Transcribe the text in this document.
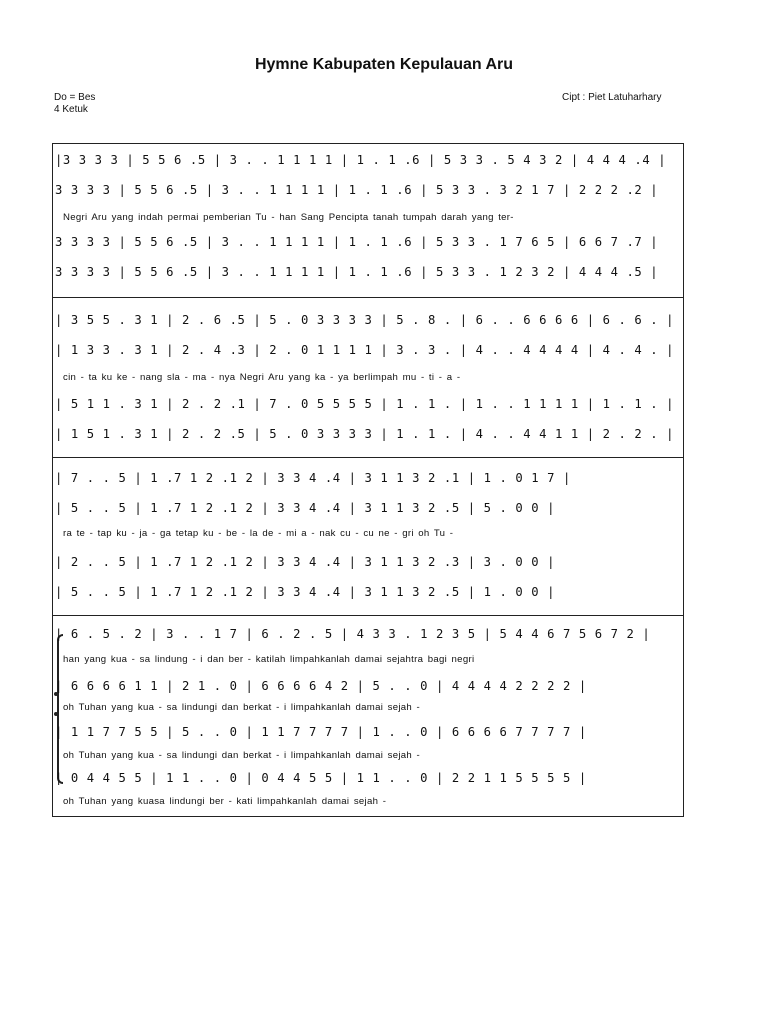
Hymne Kabupaten Kepulauan Aru
Do = Bes
4 Ketuk
Cipt : Piet Latuharhary
|3 3 3 3 | 5 5 6 .5 | 3 . . 1 1 1 1 | 1 . 1 .6 | 5 3 3 . 5 4 3 2 | 4 4 4 .4 |
3 3 3 3 | 5 5 6 .5 | 3 . . 1 1 1 1 | 1 . 1 .6 | 5 3 3 . 3 2 1 7 | 2 2 2 .2 |
Negri Aru yang indah permai pemberian Tu - han Sang Pencipta tanah tumpah darah yang ter-
3 3 3 3 | 5 5 6 .5 | 3 . . 1 1 1 1 | 1 . 1 .6 | 5 3 3 . 1 7 6 5 | 6 6 7 .7 |
3 3 3 3 | 5 5 6 .5 | 3 . . 1 1 1 1 | 1 . 1 .6 | 5 3 3 . 1 2 3 2 | 4 4 4 .5 |
| 3 5 5 . 3 1 | 2 . 6 .5 | 5 . 0 3 3 3 3 | 5 . 8 . | 6 . . 6 6 6 6 | 6 . 6 . |
| 1 3 3 . 3 1 | 2 . 4 .3 | 2 . 0 1 1 1 1 | 3 . 3 . | 4 . . 4 4 4 4 | 4 . 4 . |
cin - ta ku ke - nang sla - ma - nya Negri Aru yang ka - ya berlimpah mu - ti - a -
| 5 1 1 . 3 1 | 2 . 2 .1 | 7 . 0 5 5 5 5 | 1 . 1 . | 1 . . 1 1 1 1 | 1 . 1 . |
| 1 5 1 . 3 1 | 2 . 2 .5 | 5 . 0 3 3 3 3 | 1 . 1 . | 4 . . 4 4 1 1 | 2 . 2 . |
| 7 . . 5 | 1 .7 1 2 .1 2 | 3 3 4 .4 | 3 1 1 3 2 .1 | 1 . 0 1 7 |
| 5 . . 5 | 1 .7 1 2 .1 2 | 3 3 4 .4 | 3 1 1 3 2 .5 | 5 . 0 0 |
ra te - tap ku - ja - ga tetap ku - be - la de - mi a - nak cu - cu ne - gri oh Tu -
| 2 . . 5 | 1 .7 1 2 .1 2 | 3 3 4 .4 | 3 1 1 3 2 .3 | 3 . 0 0 |
| 5 . . 5 | 1 .7 1 2 .1 2 | 3 3 4 .4 | 3 1 1 3 2 .5 | 1 . 0 0 |
| 6 . 5 . 2 | 3 . . 1 7 | 6 . 2 . 5 | 4 3 3 . 1 2 3 5 | 5 4 4 6 7 5 6 7 2 |
han yang kua - sa lindung - i dan ber - katilah limpahkanlah damai sejahtra bagi negri
| 6 6 6 6 1 1 | 2 1 . 0 | 6 6 6 6 4 2 | 5 . . 0 | 4 4 4 4 2 2 2 2 |
oh Tuhan yang kua - sa lindungi dan berkat - i limpahkanlah damai sejah -
| 1 1 7 7 5 5 | 5 . . 0 | 1 1 7 7 7 7 | 1 . . 0 | 6 6 6 6 7 7 7 7 |
oh Tuhan yang kua - sa lindungi dan berkat - i limpahkanlah damai sejah -
| 0 4 4 5 5 | 1 1 . . 0 | 0 4 4 5 5 | 1 1 . . 0 | 2 2 1 1 5 5 5 5 |
oh Tuhan yang kuasa lindungi ber - kati limpahkanlah damai sejah -
